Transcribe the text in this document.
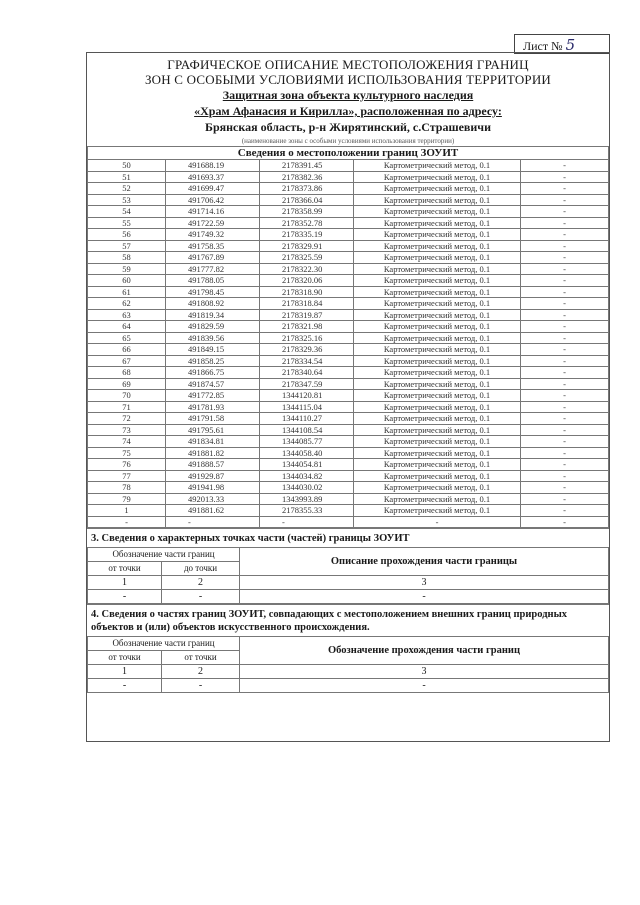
Лист № 5
ГРАФИЧЕСКОЕ ОПИСАНИЕ МЕСТОПОЛОЖЕНИЯ ГРАНИЦ
ЗОН С ОСОБЫМИ УСЛОВИЯМИ ИСПОЛЬЗОВАНИЯ ТЕРРИТОРИИ
Защитная зона объекта культурного наследия
«Храм Афанасия и Кирилла», расположенная по адресу:
Брянская область, р-н Жирятинский, с.Страшевичи
(наименование зоны с особыми условиями использования территории)
Сведения о местоположении границ ЗОУИТ				
50	491688.19	2178391.45	Картометрический метод, 0.1	-
51	491693.37	2178382.36	Картометрический метод, 0.1	-
52	491699.47	2178373.86	Картометрический метод, 0.1	-
53	491706.42	2178366.04	Картометрический метод, 0.1	-
54	491714.16	2178358.99	Картометрический метод, 0.1	-
55	491722.59	2178352.78	Картометрический метод, 0.1	-
56	491749.32	2178335.19	Картометрический метод, 0.1	-
57	491758.35	2178329.91	Картометрический метод, 0.1	-
58	491767.89	2178325.59	Картометрический метод, 0.1	-
59	491777.82	2178322.30	Картометрический метод, 0.1	-
60	491788.05	2178320.06	Картометрический метод, 0.1	-
61	491798.45	2178318.90	Картометрический метод, 0.1	-
62	491808.92	2178318.84	Картометрический метод, 0.1	-
63	491819.34	2178319.87	Картометрический метод, 0.1	-
64	491829.59	2178321.98	Картометрический метод, 0.1	-
65	491839.56	2178325.16	Картометрический метод, 0.1	-
66	491849.15	2178329.36	Картометрический метод, 0.1	-
67	491858.25	2178334.54	Картометрический метод, 0.1	-
68	491866.75	2178340.64	Картометрический метод, 0.1	-
69	491874.57	2178347.59	Картометрический метод, 0.1	-
70	491772.85	1344120.81	Картометрический метод, 0.1	-
71	491781.93	1344115.04	Картометрический метод, 0.1	-
72	491791.58	1344110.27	Картометрический метод, 0.1	-
73	491795.61	1344108.54	Картометрический метод, 0.1	-
74	491834.81	1344085.77	Картометрический метод, 0.1	-
75	491881.82	1344058.40	Картометрический метод, 0.1	-
76	491888.57	1344054.81	Картометрический метод, 0.1	-
77	491929.87	1344034.82	Картометрический метод, 0.1	-
78	491941.98	1344030.02	Картометрический метод, 0.1	-
79	492013.33	1343993.89	Картометрический метод, 0.1	-
1	491881.62	2178355.33	Картометрический метод, 0.1	-
-	-	-	-	-
3. Сведения о характерных точках части (частей) границы ЗОУИТ
Обозначение части границ		Описание прохождения части границы
от точки	до точки	
1	2	3
-	-	-
4. Сведения о частях границ ЗОУИТ, совпадающих с местоположением внешних границ природных объектов и (или) объектов искусственного происхождения.
Обозначение части границ		Обозначение прохождения части границ
от точки	от точки	
1	2	3
-	-	-
